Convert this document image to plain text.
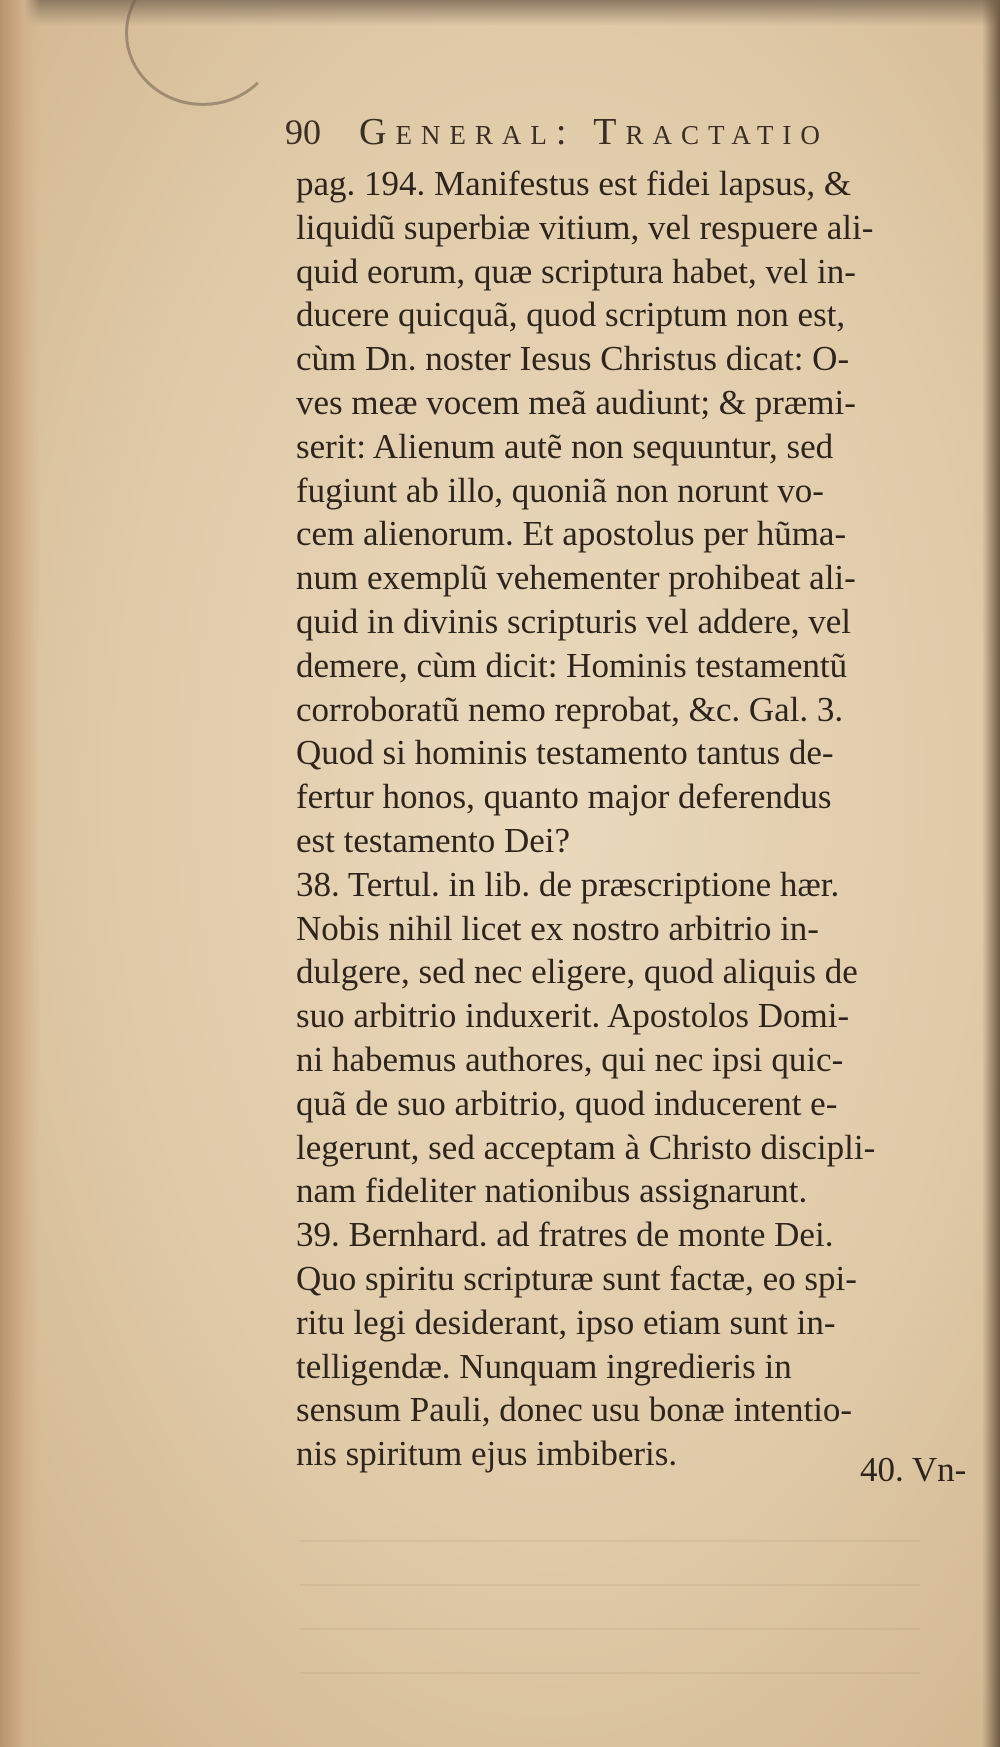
90 General: Tractatio
pag. 194. Manifestus est fidei lapsus, &
liquidũ superbiæ vitium, vel respuere ali-
quid eorum, quæ scriptura habet, vel in-
ducere quicquã, quod scriptum non est,
cùm Dn. noster Iesus Christus dicat: O-
ves meæ vocem meã audiunt; & præmi-
serit: Alienum autẽ non sequuntur, sed
fugiunt ab illo, quoniã non norunt vo-
cem alienorum. Et apostolus per hũma-
num exemplũ vehementer prohibeat ali-
quid in divinis scripturis vel addere, vel
demere, cùm dicit: Hominis testamentũ
corroboratũ nemo reprobat, &c. Gal. 3.
Quod si hominis testamento tantus de-
fertur honos, quanto major deferendus
est testamento Dei?
38. Tertul. in lib. de præscriptione hær.
Nobis nihil licet ex nostro arbitrio in-
dulgere, sed nec eligere, quod aliquis de
suo arbitrio induxerit. Apostolos Domi-
ni habemus authores, qui nec ipsi quic-
quã de suo arbitrio, quod inducerent e-
legerunt, sed acceptam à Christo discipli-
nam fideliter nationibus assignarunt.
39. Bernhard. ad fratres de monte Dei.
Quo spiritu scripturæ sunt factæ, eo spi-
ritu legi desiderant, ipso etiam sunt in-
telligendæ. Nunquam ingredieris in
sensum Pauli, donec usu bonæ intentio-
nis spiritum ejus imbiberis.	40. Vn-
